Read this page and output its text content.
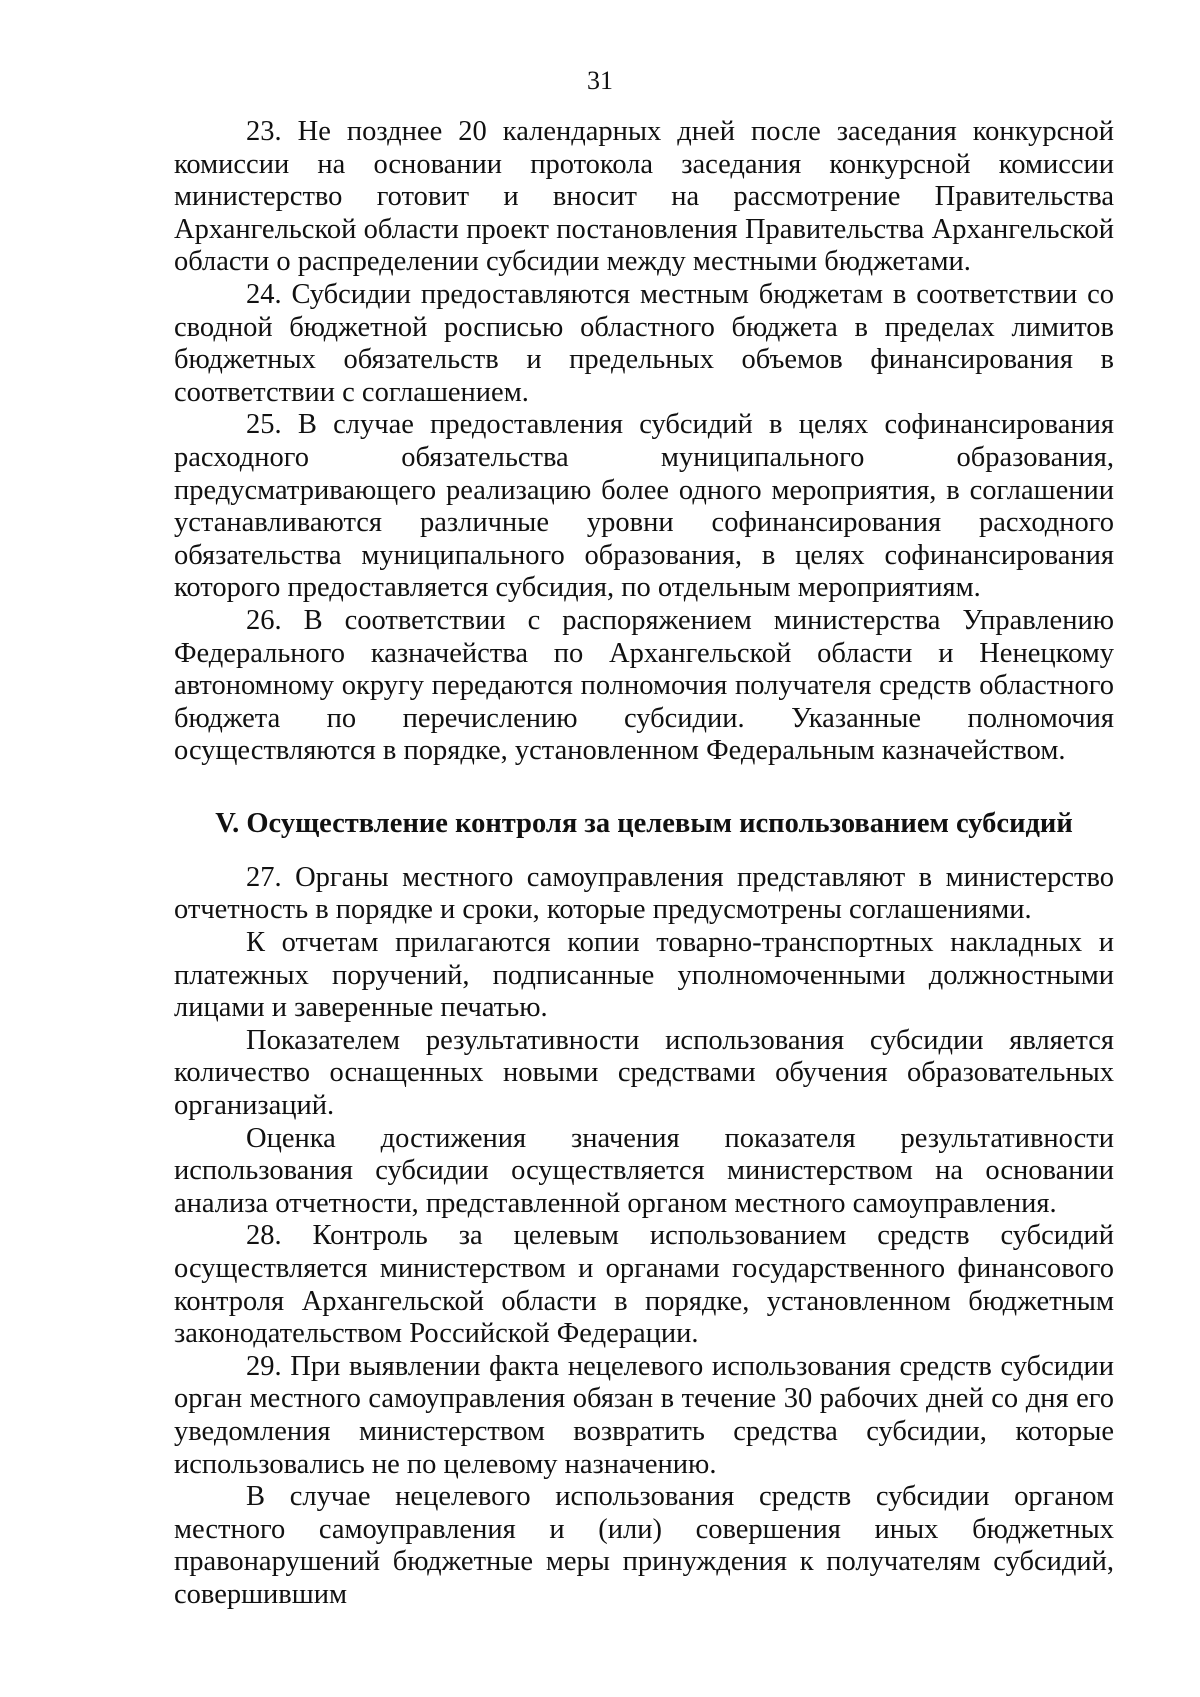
31

23. Не позднее 20 календарных дней после заседания конкурсной комиссии на основании протокола заседания конкурсной комиссии министерство готовит и вносит на рассмотрение Правительства Архангельской области проект постановления Правительства Архангельской области о распределении субсидии между местными бюджетами.

24. Субсидии предоставляются местным бюджетам в соответствии со сводной бюджетной росписью областного бюджета в пределах лимитов бюджетных обязательств и предельных объемов финансирования в соответствии с соглашением.

25. В случае предоставления субсидий в целях софинансирования расходного обязательства муниципального образования, предусматривающего реализацию более одного мероприятия, в соглашении устанавливаются различные уровни софинансирования расходного обязательства муниципального образования, в целях софинансирования которого предоставляется субсидия, по отдельным мероприятиям.

26. В соответствии с распоряжением министерства Управлению Федерального казначейства по Архангельской области и Ненецкому автономному округу передаются полномочия получателя средств областного бюджета по перечислению субсидии. Указанные полномочия осуществляются в порядке, установленном Федеральным казначейством.

V. Осуществление контроля за целевым использованием субсидий

27. Органы местного самоуправления представляют в министерство отчетность в порядке и сроки, которые предусмотрены соглашениями.

К отчетам прилагаются копии товарно-транспортных накладных и платежных поручений, подписанные уполномоченными должностными лицами и заверенные печатью.

Показателем результативности использования субсидии является количество оснащенных новыми средствами обучения образовательных организаций.

Оценка достижения значения показателя результативности использования субсидии осуществляется министерством на основании анализа отчетности, представленной органом местного самоуправления.

28. Контроль за целевым использованием средств субсидий осуществляется министерством и органами государственного финансового контроля Архангельской области в порядке, установленном бюджетным законодательством Российской Федерации.

29. При выявлении факта нецелевого использования средств субсидии орган местного самоуправления обязан в течение 30 рабочих дней со дня его уведомления министерством возвратить средства субсидии, которые использовались не по целевому назначению.

В случае нецелевого использования средств субсидии органом местного самоуправления и (или) совершения иных бюджетных правонарушений бюджетные меры принуждения к получателям субсидий, совершившим
